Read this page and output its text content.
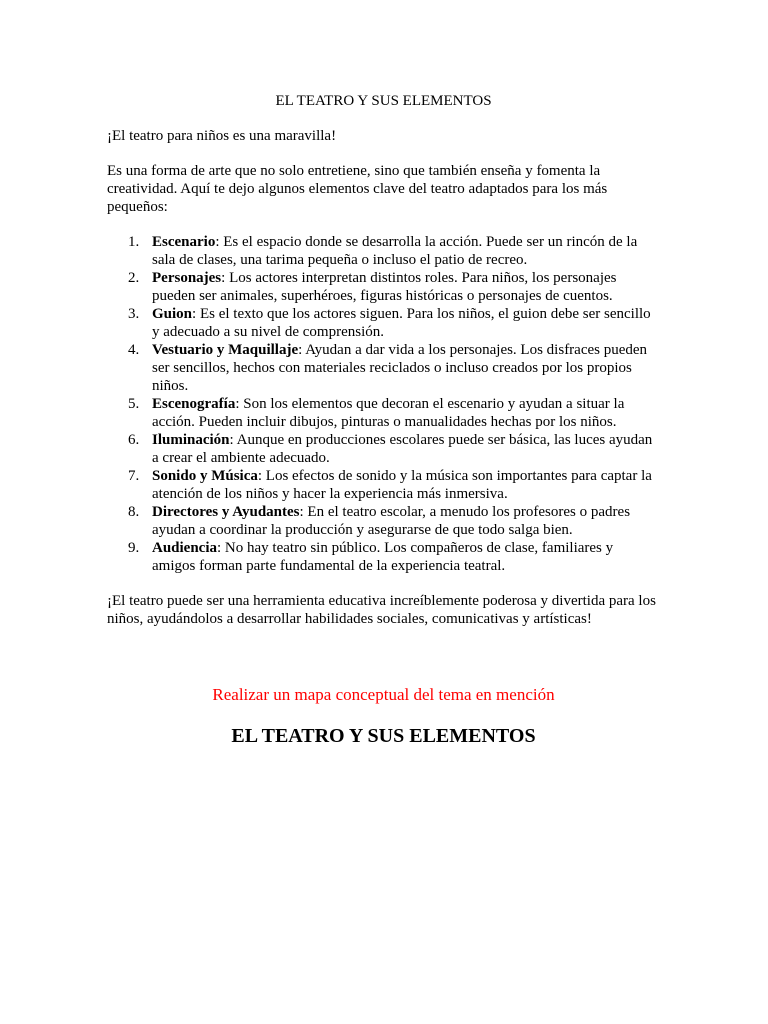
EL TEATRO Y SUS ELEMENTOS

¡El teatro para niños es una maravilla!

Es una forma de arte que no solo entretiene, sino que también enseña y fomenta la creatividad. Aquí te dejo algunos elementos clave del teatro adaptados para los más pequeños:

1. Escenario: Es el espacio donde se desarrolla la acción. Puede ser un rincón de la sala de clases, una tarima pequeña o incluso el patio de recreo.
2. Personajes: Los actores interpretan distintos roles. Para niños, los personajes pueden ser animales, superhéroes, figuras históricas o personajes de cuentos.
3. Guion: Es el texto que los actores siguen. Para los niños, el guion debe ser sencillo y adecuado a su nivel de comprensión.
4. Vestuario y Maquillaje: Ayudan a dar vida a los personajes. Los disfraces pueden ser sencillos, hechos con materiales reciclados o incluso creados por los propios niños.
5. Escenografía: Son los elementos que decoran el escenario y ayudan a situar la acción. Pueden incluir dibujos, pinturas o manualidades hechas por los niños.
6. Iluminación: Aunque en producciones escolares puede ser básica, las luces ayudan a crear el ambiente adecuado.
7. Sonido y Música: Los efectos de sonido y la música son importantes para captar la atención de los niños y hacer la experiencia más inmersiva.
8. Directores y Ayudantes: En el teatro escolar, a menudo los profesores o padres ayudan a coordinar la producción y asegurarse de que todo salga bien.
9. Audiencia: No hay teatro sin público. Los compañeros de clase, familiares y amigos forman parte fundamental de la experiencia teatral.

¡El teatro puede ser una herramienta educativa increíblemente poderosa y divertida para los niños, ayudándolos a desarrollar habilidades sociales, comunicativas y artísticas!

Realizar un mapa conceptual del tema en mención

EL TEATRO Y SUS ELEMENTOS
